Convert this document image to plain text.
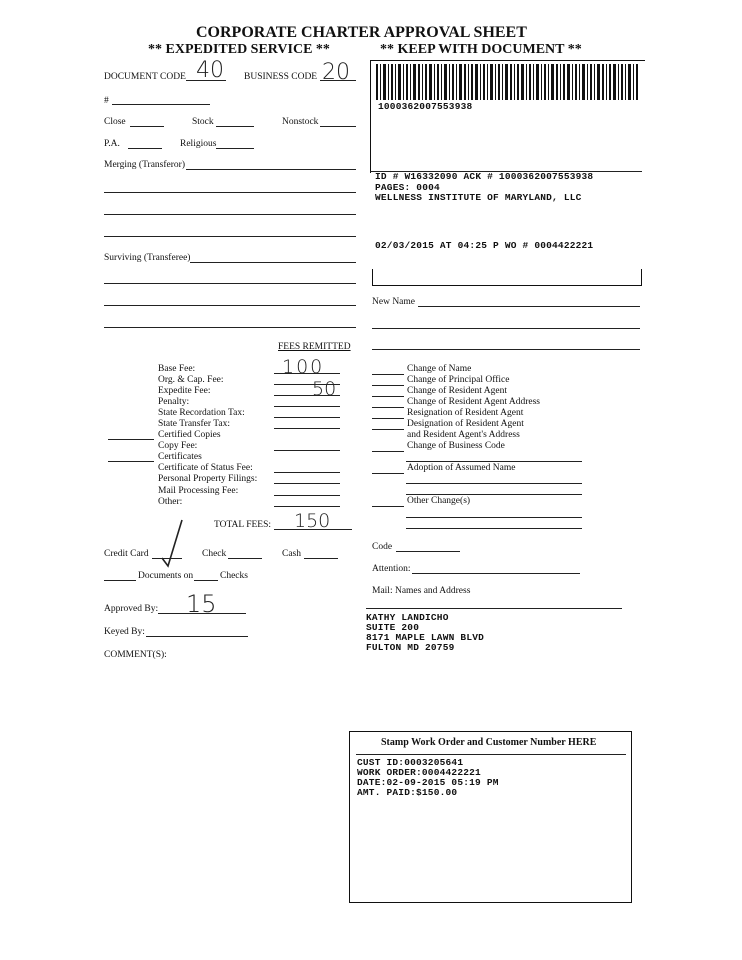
CORPORATE CHARTER APPROVAL SHEET
** EXPEDITED SERVICE **	** KEEP WITH DOCUMENT **
DOCUMENT CODE 40 BUSINESS CODE 20
#
Close	Stock	Nonstock
P.A.	Religious
Merging (Transferor)
Surviving (Transferee)
1000362007553938
ID # W16332090 ACK # 1000362007553938
PAGES: 0004
WELLNESS INSTITUTE OF MARYLAND, LLC
02/03/2015 AT 04:25 P WO # 0004422221
New Name
FEES REMITTED
Base Fee:	100
Org. & Cap. Fee:
Expedite Fee:	50
Penalty:
State Recordation Tax:
State Transfer Tax:
Certified Copies
Copy Fee:
Certificates
Certificate of Status Fee:
Personal Property Filings:
Mail Processing Fee:
Other:
TOTAL FEES: 150
Change of Name
Change of Principal Office
Change of Resident Agent
Change of Resident Agent Address
Resignation of Resident Agent
Designation of Resident Agent
and Resident Agent's Address
Change of Business Code
Adoption of Assumed Name
Other Change(s)
Credit Card	Check	Cash
Documents on	Checks
Approved By: 15
Keyed By:
COMMENT(S):
Code
Attention:
Mail: Names and Address
KATHY LANDICHO
SUITE 200
8171 MAPLE LAWN BLVD
FULTON MD 20759
Stamp Work Order and Customer Number HERE
CUST ID:0003205641
WORK ORDER:0004422221
DATE:02-09-2015 05:19 PM
AMT. PAID:$150.00
